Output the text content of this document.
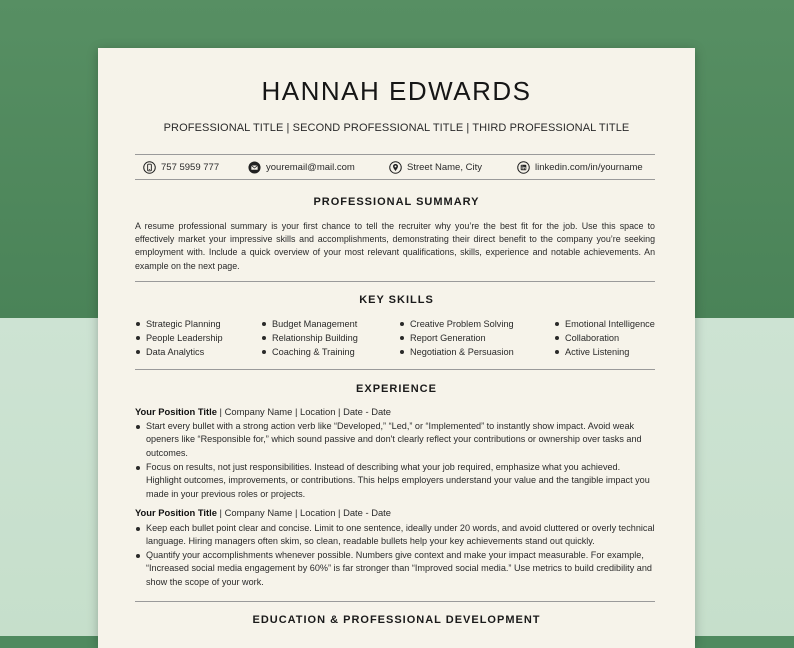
HANNAH EDWARDS
PROFESSIONAL TITLE | SECOND PROFESSIONAL TITLE | THIRD PROFESSIONAL TITLE
757 5959 777	youremail@mail.com	Street Name, City	linkedin.com/in/yourname
PROFESSIONAL SUMMARY
A resume professional summary is your first chance to tell the recruiter why you’re the best fit for the job. Use this space to effectively market your impressive skills and accomplishments, demonstrating their direct benefit to the company you’re seeking employment with. Include a quick overview of your most relevant qualifications, skills, experience and notable achievements. An example on the next page.
KEY SKILLS
Strategic Planning
People Leadership
Data Analytics
Budget Management
Relationship Building
Coaching & Training
Creative Problem Solving
Report Generation
Negotiation & Persuasion
Emotional Intelligence
Collaboration
Active Listening
EXPERIENCE
Your Position Title | Company Name | Location | Date - Date
Start every bullet with a strong action verb like “Developed,” “Led,” or “Implemented” to instantly show impact. Avoid weak openers like “Responsible for,” which sound passive and don't clearly reflect your contributions or ownership over tasks and outcomes.
Focus on results, not just responsibilities. Instead of describing what your job required, emphasize what you achieved. Highlight outcomes, improvements, or contributions. This helps employers understand your value and the tangible impact you made in your previous roles or projects.
Your Position Title | Company Name | Location | Date - Date
Keep each bullet point clear and concise. Limit to one sentence, ideally under 20 words, and avoid cluttered or overly technical language. Hiring managers often skim, so clean, readable bullets help your key achievements stand out quickly.
Quantify your accomplishments whenever possible. Numbers give context and make your impact measurable. For example, “Increased social media engagement by 60%” is far stronger than “Improved social media.” Use metrics to build credibility and show the scope of your work.
EDUCATION & PROFESSIONAL DEVELOPMENT
